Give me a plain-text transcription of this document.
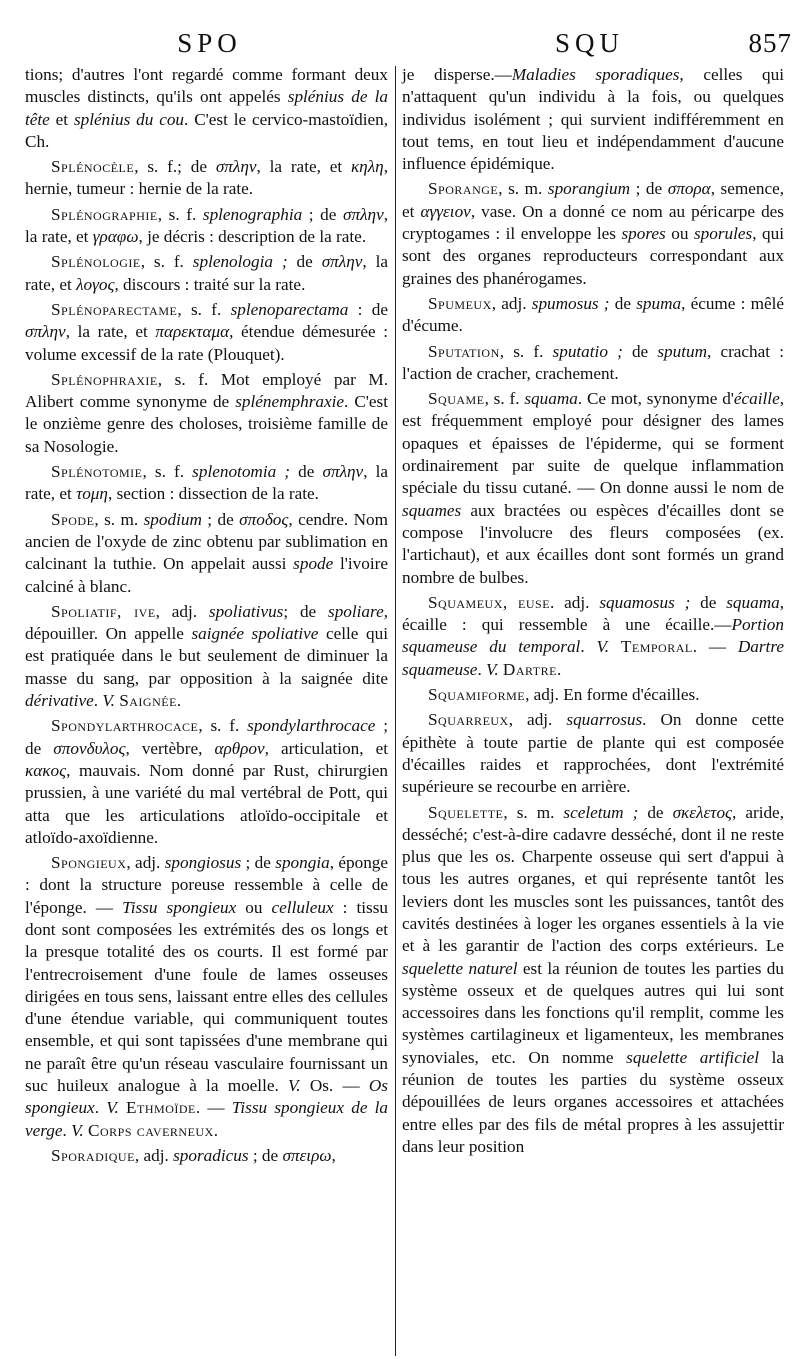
SPO	SQU	857

tions; d'autres l'ont regardé comme formant deux muscles distincts, qu'ils ont appelés splénius de la tête et splénius du cou. C'est le cervico-mastoïdien, Ch.

Splénocèle, s. f.; de σπλην, la rate, et κηλη, hernie, tumeur : hernie de la rate.

Splénographie, s. f. splenographia ; de σπλην, la rate, et γραφω, je décris : description de la rate.

Splénologie, s. f. splenologia ; de σπλην, la rate, et λογος, discours : traité sur la rate.

Splénoparectame, s. f. splenoparectama : de σπλην, la rate, et παρεκταμα, étendue démesurée : volume excessif de la rate (Plouquet).

Splénophraxie, s. f. Mot employé par M. Alibert comme synonyme de splénemphraxie. C'est le onzième genre des choloses, troisième famille de sa Nosologie.

Splénotomie, s. f. splenotomia ; de σπλην, la rate, et τομη, section : dissection de la rate.

Spode, s. m. spodium ; de σποδος, cendre. Nom ancien de l'oxyde de zinc obtenu par sublimation en calcinant la tuthie. On appelait aussi spode l'ivoire calciné à blanc.

Spoliatif, ive, adj. spoliativus; de spoliare, dépouiller. On appelle saignée spoliative celle qui est pratiquée dans le but seulement de diminuer la masse du sang, par opposition à la saignée dite dérivative. V. Saignée.

Spondylarthrocace, s. f. spondylarthrocace ; de σπονδυλος, vertèbre, αρθρον, articulation, et κακος, mauvais. Nom donné par Rust, chirurgien prussien, à une variété du mal vertébral de Pott, qui atta que les articulations atloïdo-occipitale et atloïdo-axoïdienne.

Spongieux, adj. spongiosus ; de spongia, éponge : dont la structure poreuse ressemble à celle de l'éponge. — Tissu spongieux ou celluleux : tissu dont sont composées les extrémités des os longs et la presque totalité des os courts. Il est formé par l'entrecroisement d'une foule de lames osseuses dirigées en tous sens, laissant entre elles des cellules d'une étendue variable, qui communiquent toutes ensemble, et qui sont tapissées d'une membrane qui ne paraît être qu'un réseau vasculaire fournissant un suc huileux analogue à la moelle. V. Os. — Os spongieux. V. Ethmoïde. — Tissu spongieux de la verge. V. Corps caverneux.

Sporadique, adj. sporadicus ; de σπειρω,

je disperse.—Maladies sporadiques, celles qui n'attaquent qu'un individu à la fois, ou quelques individus isolément ; qui survient indifféremment en tout tems, en tout lieu et indépendamment d'aucune influence épidémique.

Sporange, s. m. sporangium ; de σπορα, semence, et αγγειον, vase. On a donné ce nom au péricarpe des cryptogames : il enveloppe les spores ou sporules, qui sont des organes reproducteurs correspondant aux graines des phanérogames.

Spumeux, adj. spumosus ; de spuma, écume : mêlé d'écume.

Sputation, s. f. sputatio ; de sputum, crachat : l'action de cracher, crachement.

Squame, s. f. squama. Ce mot, synonyme d'écaille, est fréquemment employé pour désigner des lames opaques et épaisses de l'épiderme, qui se forment ordinairement par suite de quelque inflammation spéciale du tissu cutané. — On donne aussi le nom de squames aux bractées ou espèces d'écailles dont se compose l'involucre des fleurs composées (ex. l'artichaut), et aux écailles dont sont formés un grand nombre de bulbes.

Squameux, euse. adj. squamosus ; de squama, écaille : qui ressemble à une écaille.—Portion squameuse du temporal. V. Temporal. — Dartre squameuse. V. Dartre.

Squamiforme, adj. En forme d'écailles.

Squarreux, adj. squarrosus. On donne cette épithète à toute partie de plante qui est composée d'écailles raides et rapprochées, dont l'extrémité supérieure se recourbe en arrière.

Squelette, s. m. sceletum ; de σκελετος, aride, desséché; c'est-à-dire cadavre desséché, dont il ne reste plus que les os. Charpente osseuse qui sert d'appui à tous les autres organes, et qui représente tantôt les leviers dont les muscles sont les puissances, tantôt des cavités destinées à loger les organes essentiels à la vie et à les garantir de l'action des corps extérieurs. Le squelette naturel est la réunion de toutes les parties du système osseux et de quelques autres qui lui sont accessoires dans les fonctions qu'il remplit, comme les systèmes cartilagineux et ligamenteux, les membranes synoviales, etc. On nomme squelette artificiel la réunion de toutes les parties du système osseux dépouillées de leurs organes accessoires et attachées entre elles par des fils de métal propres à les assujettir dans leur position
